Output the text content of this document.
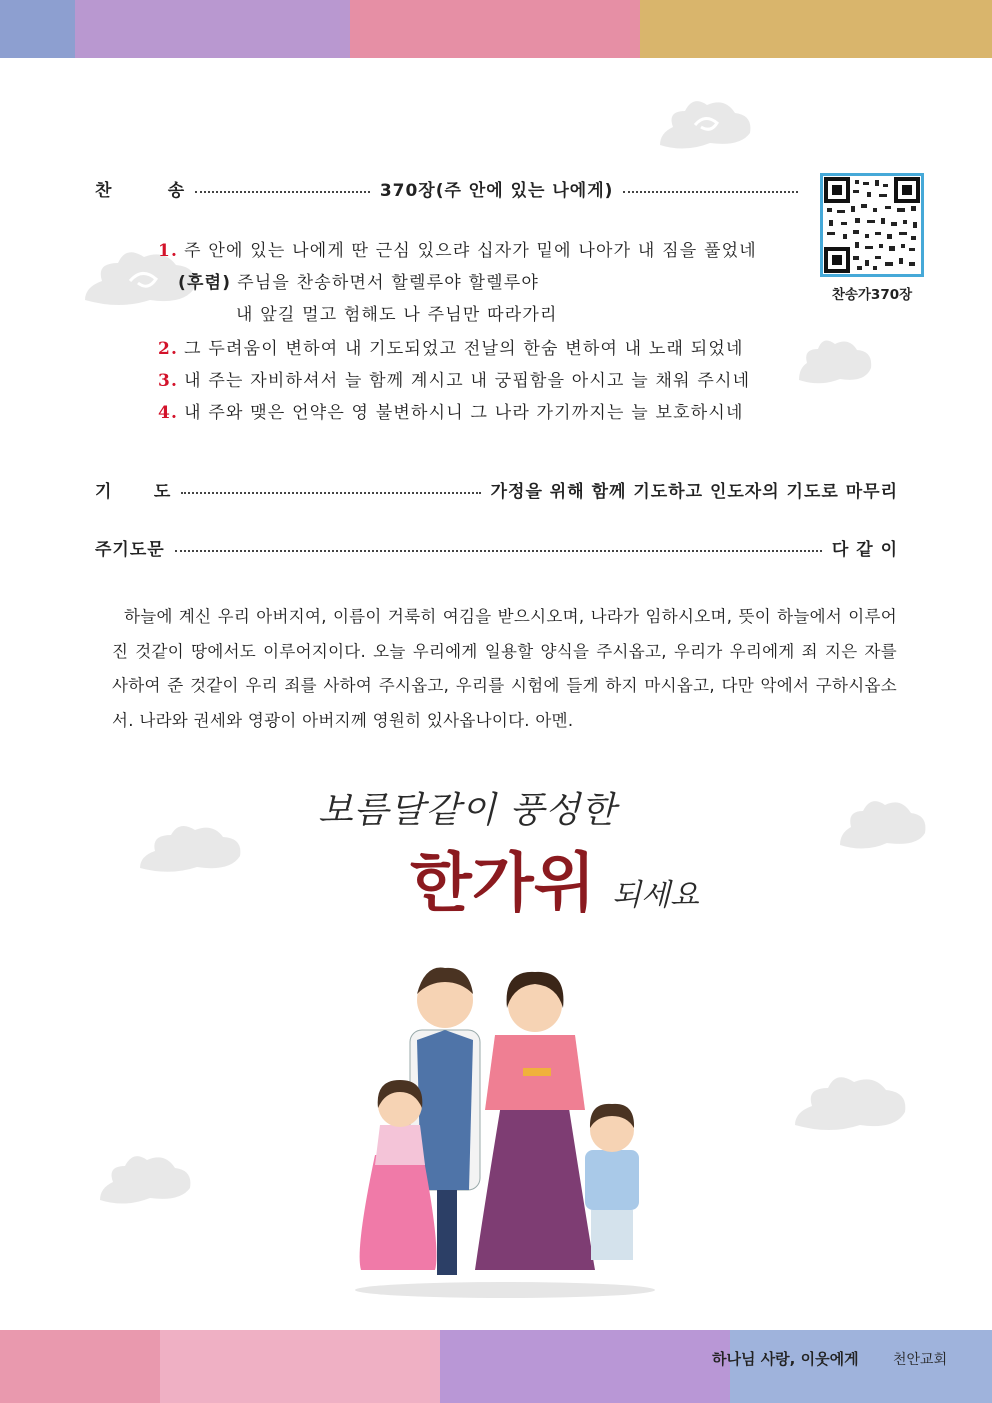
찬        송	370장(주 안에 있는 나에게)
찬송가370장
1. 주 안에 있는 나에게 딴 근심 있으랴 십자가 밑에 나아가 내 짐을 풀었네
(후렴) 주님을 찬송하면서 할렐루야 할렐루야
내 앞길 멀고 험해도 나 주님만 따라가리
2. 그 두려움이 변하여 내 기도되었고 전날의 한숨 변하여 내 노래 되었네
3. 내 주는 자비하셔서 늘 함께 계시고 내 궁핍함을 아시고 늘 채워 주시네
4. 내 주와 맺은 언약은 영 불변하시니 그 나라 가기까지는 늘 보호하시네
기      도	가정을 위해 함께 기도하고 인도자의 기도로 마무리
주기도문	다 같 이
하늘에 계신 우리 아버지여, 이름이 거룩히 여김을 받으시오며, 나라가 임하시오며, 뜻이 하늘에서 이루어진 것같이 땅에서도 이루어지이다. 오늘 우리에게 일용할 양식을 주시옵고, 우리가 우리에게 죄 지은 자를 사하여 준 것같이 우리 죄를 사하여 주시옵고, 우리를 시험에 들게 하지 마시옵고, 다만 악에서 구하시옵소서. 나라와 권세와 영광이 아버지께 영원히 있사옵나이다. 아멘.
보름달같이 풍성한
한가위 되세요
하나님 사랑, 이웃에게 천안교회
